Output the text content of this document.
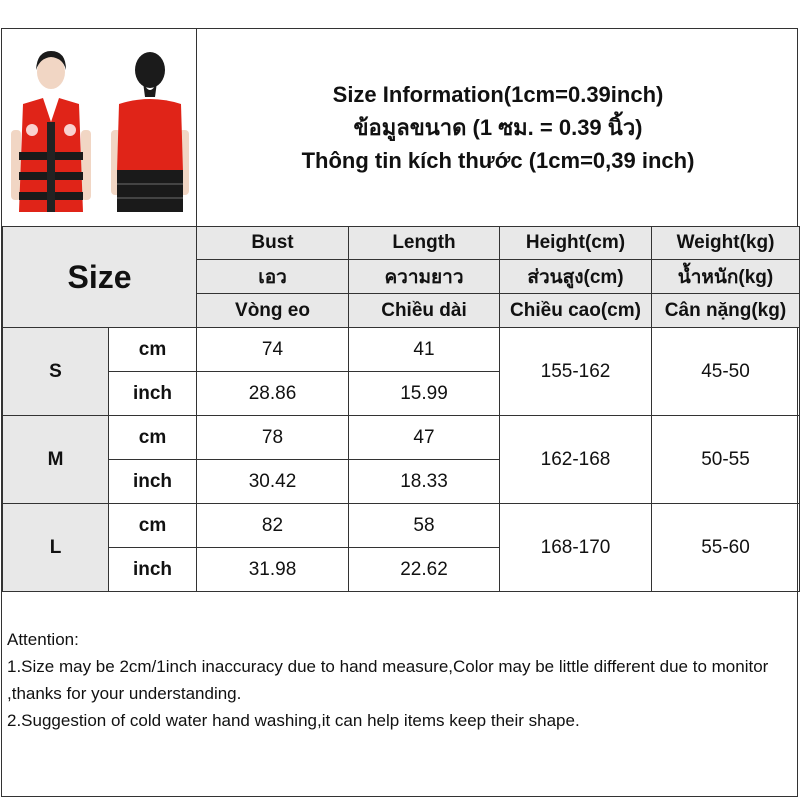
Size Information(1cm=0.39inch)
ข้อมูลขนาด (1 ซม. = 0.39 นิ้ว)
Thông tin kích thước (1cm=0,39 inch)
Size		Bust	Length	Height(cm)	Weight(kg)
		เอว	ความยาว	ส่วนสูง(cm)	น้ำหนัก(kg)
		Vòng eo	Chiều dài	Chiều cao(cm)	Cân nặng(kg)
S	cm	74	41	155-162	45-50
	inch	28.86	15.99		
M	cm	78	47	162-168	50-55
	inch	30.42	18.33		
L	cm	82	58	168-170	55-60
	inch	31.98	22.62		
Attention:
1.Size may be 2cm/1inch inaccuracy due to hand measure,Color may be little different due to monitor ,thanks for your understanding.
2.Suggestion of cold water hand washing,it can help items keep their shape.
